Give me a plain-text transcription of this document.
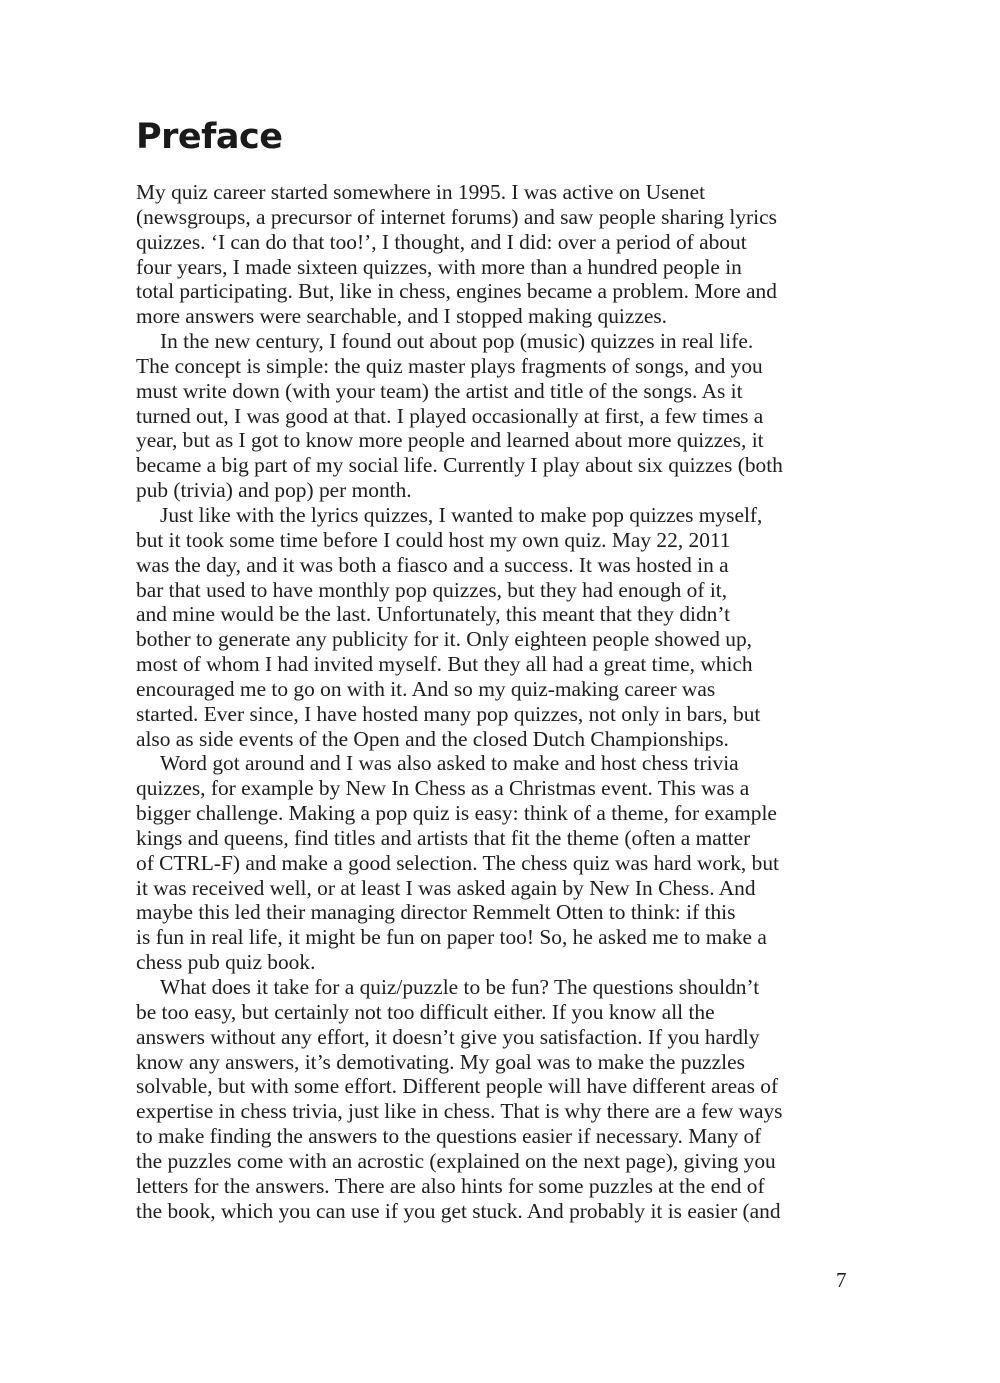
Preface

My quiz career started somewhere in 1995. I was active on Usenet
(newsgroups, a precursor of internet forums) and saw people sharing lyrics
quizzes. ‘I can do that too!’, I thought, and I did: over a period of about
four years, I made sixteen quizzes, with more than a hundred people in
total participating. But, like in chess, engines became a problem. More and
more answers were searchable, and I stopped making quizzes.

In the new century, I found out about pop (music) quizzes in real life.
The concept is simple: the quiz master plays fragments of songs, and you
must write down (with your team) the artist and title of the songs. As it
turned out, I was good at that. I played occasionally at first, a few times a
year, but as I got to know more people and learned about more quizzes, it
became a big part of my social life. Currently I play about six quizzes (both
pub (trivia) and pop) per month.

Just like with the lyrics quizzes, I wanted to make pop quizzes myself,
but it took some time before I could host my own quiz. May 22, 2011
was the day, and it was both a fiasco and a success. It was hosted in a
bar that used to have monthly pop quizzes, but they had enough of it,
and mine would be the last. Unfortunately, this meant that they didn’t
bother to generate any publicity for it. Only eighteen people showed up,
most of whom I had invited myself. But they all had a great time, which
encouraged me to go on with it. And so my quiz-making career was
started. Ever since, I have hosted many pop quizzes, not only in bars, but
also as side events of the Open and the closed Dutch Championships.

Word got around and I was also asked to make and host chess trivia
quizzes, for example by New In Chess as a Christmas event. This was a
bigger challenge. Making a pop quiz is easy: think of a theme, for example
kings and queens, find titles and artists that fit the theme (often a matter
of CTRL-F) and make a good selection. The chess quiz was hard work, but
it was received well, or at least I was asked again by New In Chess. And
maybe this led their managing director Remmelt Otten to think: if this
is fun in real life, it might be fun on paper too! So, he asked me to make a
chess pub quiz book.

What does it take for a quiz/puzzle to be fun? The questions shouldn’t
be too easy, but certainly not too difficult either. If you know all the
answers without any effort, it doesn’t give you satisfaction. If you hardly
know any answers, it’s demotivating. My goal was to make the puzzles
solvable, but with some effort. Different people will have different areas of
expertise in chess trivia, just like in chess. That is why there are a few ways
to make finding the answers to the questions easier if necessary. Many of
the puzzles come with an acrostic (explained on the next page), giving you
letters for the answers. There are also hints for some puzzles at the end of
the book, which you can use if you get stuck. And probably it is easier (and

7
